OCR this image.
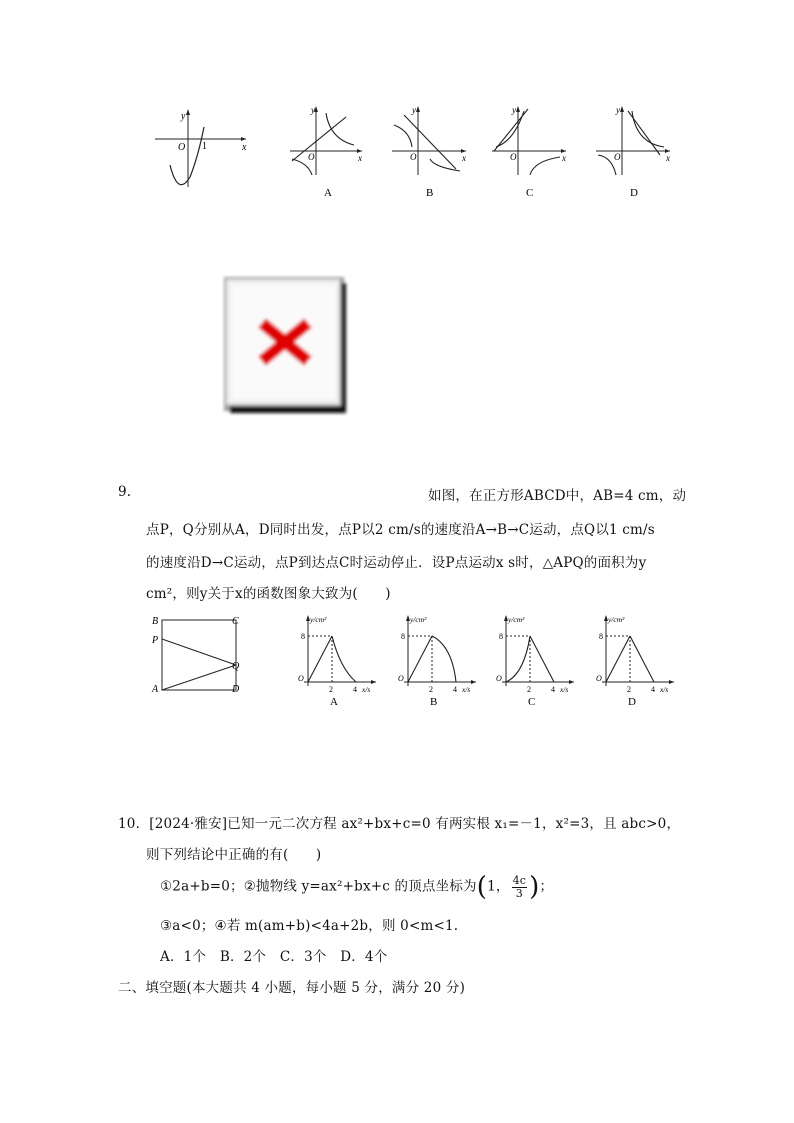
y
x
O 1
y
x
O
A
y
x
O
B
y
x
O
C
y
x
O
D
9.	如图，在正方形ABCD中，AB=4 cm，动
点P，Q分别从A，D同时出发，点P以2 cm/s的速度沿A→B→C运动，点Q以1 cm/s
的速度沿D→C运动，点P到达点C时运动停止．设P点运动x s时，△APQ的面积为y
cm²，则y关于x的函数图象大致为(　　)
B	C
P
Q
A	D
y/cm²
x/s
O
8
2	4
A
y/cm²
x/s
O
8
2	4
B
y/cm²
x/s
O
8
2	4
C
y/cm²
x/s
O
8
2	4
D
10．[2024·雅安]已知一元二次方程 ax²+bx+c=0 有两实根 x₁=－1，x²=3，且 abc>0，
则下列结论中正确的有(　　)
①2a+b=0；②抛物线 y=ax²+bx+c 的顶点坐标为(1， $\frac{4c}{3}$ )；
③a<0；④若 m(am+b)<4a+2b，则 0<m<1.
A．1个　B．2个　C．3个　D．4个
二、填空题(本大题共 4 小题，每小题 5 分，满分 20 分)
